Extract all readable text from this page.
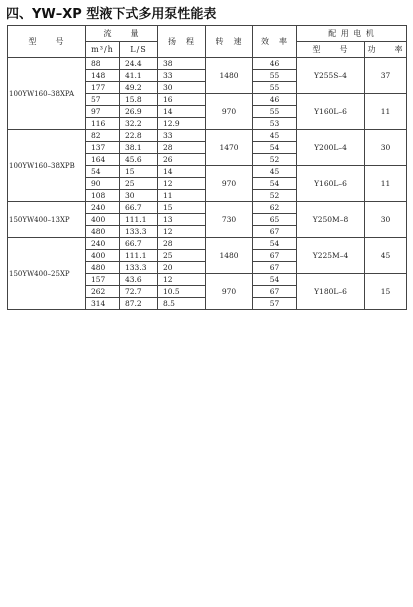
四、YW–XP 型液下式多用泵性能表
型　　号	流　　量		扬　程	转　速	效　率	配 用 电 机	
	m³/h	L/S				型　　号	功　　率
100YW160–38XPA	88	24.4	38	1480	46	Y255S–4	37
	148	41.1	33		55		
	177	49.2	30		55		
	57	15.8	16	970	46	Y160L–6	11
	97	26.9	14		55		
	116	32.2	12.9		53		
100YW160–38XPB	82	22.8	33	1470	45	Y200L–4	30
	137	38.1	28		54		
	164	45.6	26		52		
	54	15	14	970	45	Y160L–6	11
	90	25	12		54		
	108	30	11		52		
150YW400–13XP	240	66.7	15	730	62	Y250M–8	30
	400	111.1	13		65		
	480	133.3	12		67		
150YW400–25XP	240	66.7	28	1480	54	Y225M–4	45
	400	111.1	25		67		
	480	133.3	20		67		
	157	43.6	12	970	54	Y180L–6	15
	262	72.7	10.5		67		
	314	87.2	8.5		57		
